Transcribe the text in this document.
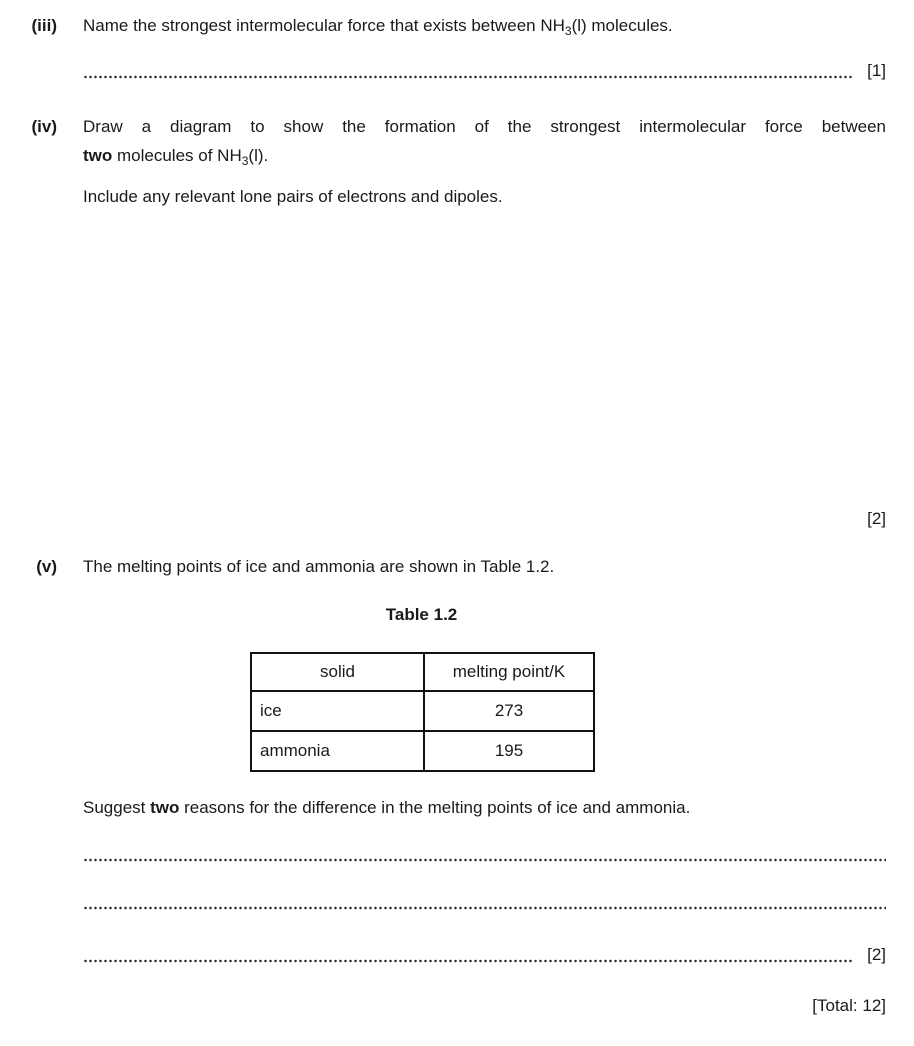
(iii) Name the strongest intermolecular force that exists between $NH_3(l)$ molecules.
[1]
(iv) Draw a diagram to show the formation of the strongest intermolecular force between
two molecules of $NH_3(l)$.
Include any relevant lone pairs of electrons and dipoles.
[2]
(v) The melting points of ice and ammonia are shown in Table 1.2.
Table 1.2
solid	melting point/K
ice	273
ammonia	195
Suggest two reasons for the difference in the melting points of ice and ammonia.
[2]
[Total: 12]
